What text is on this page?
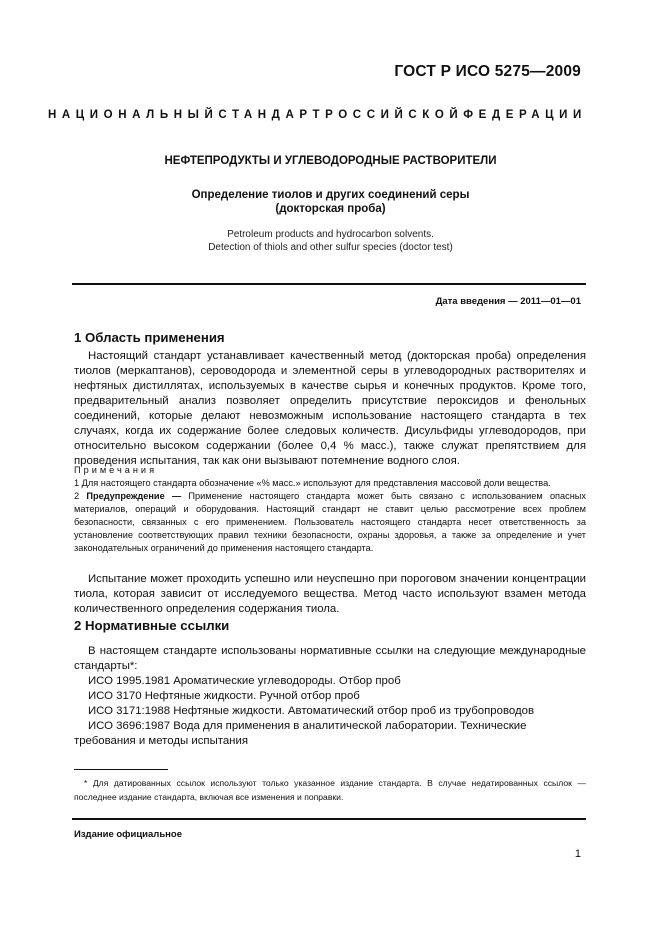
ГОСТ Р ИСО 5275—2009
НАЦИОНАЛЬНЫЙ СТАНДАРТ РОССИЙСКОЙ ФЕДЕРАЦИИ
НЕФТЕПРОДУКТЫ И УГЛЕВОДОРОДНЫЕ РАСТВОРИТЕЛИ
Определение тиолов и других соединений серы
(докторская проба)
Petroleum products and hydrocarbon solvents.
Detection of thiols and other sulfur species (doctor test)
Дата введения — 2011—01—01
1 Область применения
Настоящий стандарт устанавливает качественный метод (докторская проба) определения тиолов (меркаптанов), сероводорода и элементной серы в углеводородных растворителях и нефтяных дистиллятах, используемых в качестве сырья и конечных продуктов. Кроме того, предварительный анализ позволяет определить присутствие пероксидов и фенольных соединений, которые делают невозможным использование настоящего стандарта в тех случаях, когда их содержание более следовых количеств. Дисульфиды углеводородов, при относительно высоком содержании (более 0,4 % масс.), также служат препятствием для проведения испытания, так как они вызывают потемнение водного слоя.
Примечания
1 Для настоящего стандарта обозначение «% масс.» используют для представления массовой доли вещества.
2 Предупреждение — Применение настоящего стандарта может быть связано с использованием опасных материалов, операций и оборудования. Настоящий стандарт не ставит целью рассмотрение всех проблем безопасности, связанных с его применением. Пользователь настоящего стандарта несет ответственность за установление соответствующих правил техники безопасности, охраны здоровья, а также за определение и учет законодательных ограничений до применения настоящего стандарта.
Испытание может проходить успешно или неуспешно при пороговом значении концентрации тиола, которая зависит от исследуемого вещества. Метод часто используют взамен метода количественного определения содержания тиола.
2 Нормативные ссылки
В настоящем стандарте использованы нормативные ссылки на следующие международные стандарты*:
ИСО 1995.1981 Ароматические углеводороды. Отбор проб
ИСО 3170 Нефтяные жидкости. Ручной отбор проб
ИСО 3171:1988 Нефтяные жидкости. Автоматический отбор проб из трубопроводов
ИСО 3696:1987 Вода для применения в аналитической лаборатории. Технические требования и методы испытания
* Для датированных ссылок используют только указанное издание стандарта. В случае недатированных ссылок — последнее издание стандарта, включая все изменения и поправки.
Издание официальное
1
